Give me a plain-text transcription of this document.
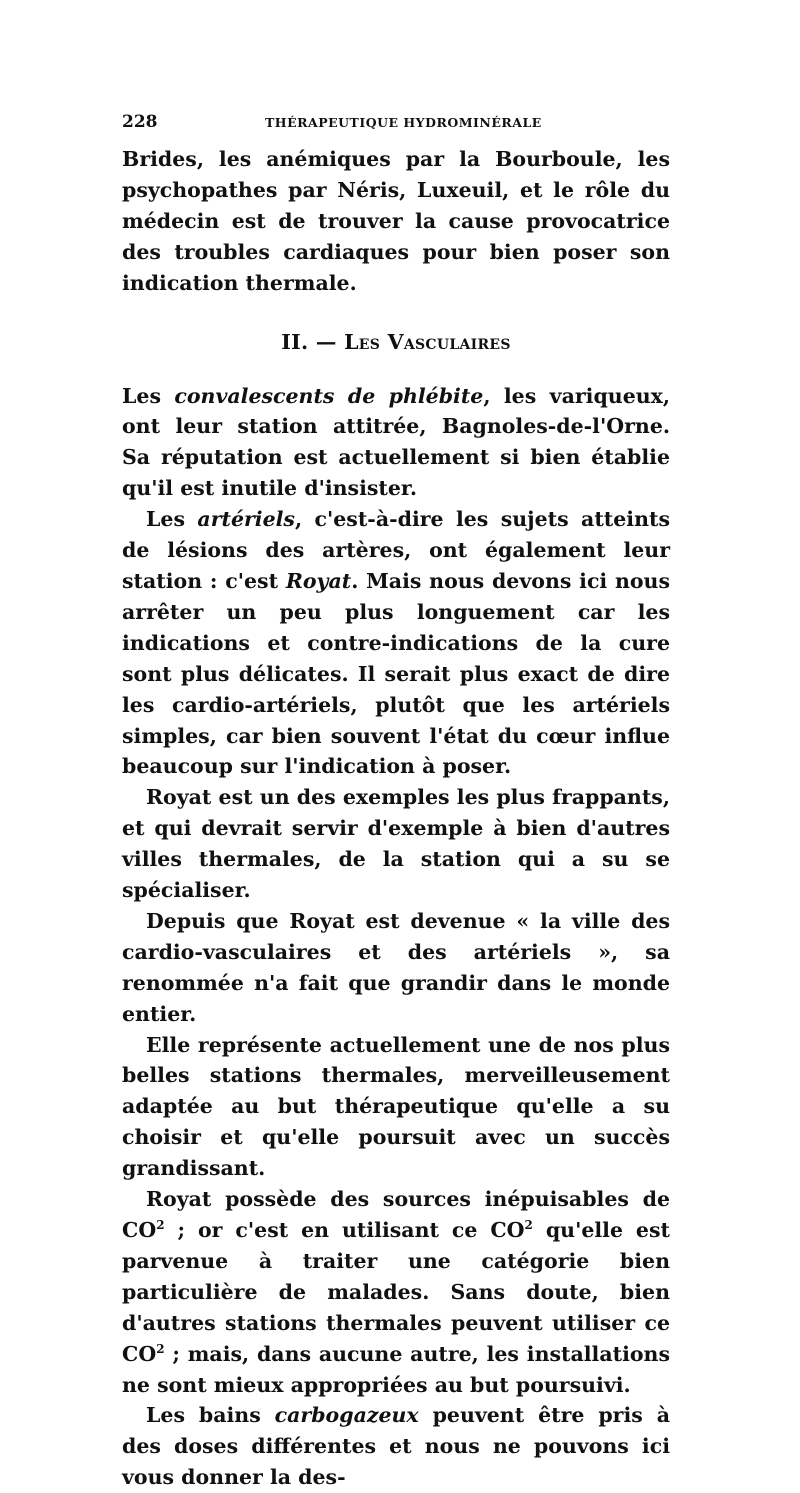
228	THÉRAPEUTIQUE HYDROMINÉRALE

Brides, les anémiques par la Bourboule, les psychopathes par Néris, Luxeuil, et le rôle du médecin est de trouver la cause provocatrice des troubles cardiaques pour bien poser son indication thermale.

II. — Les Vasculaires

Les convalescents de phlébite, les variqueux, ont leur station attitrée, Bagnoles-de-l'Orne. Sa réputation est actuellement si bien établie qu'il est inutile d'insister.

Les artériels, c'est-à-dire les sujets atteints de lésions des artères, ont également leur station : c'est Royat. Mais nous devons ici nous arrêter un peu plus longuement car les indications et contre-indications de la cure sont plus délicates. Il serait plus exact de dire les cardio-artériels, plutôt que les artériels simples, car bien souvent l'état du cœur influe beaucoup sur l'indication à poser.

Royat est un des exemples les plus frappants, et qui devrait servir d'exemple à bien d'autres villes thermales, de la station qui a su se spécialiser.

Depuis que Royat est devenue « la ville des cardio-vasculaires et des artériels », sa renommée n'a fait que grandir dans le monde entier.

Elle représente actuellement une de nos plus belles stations thermales, merveilleusement adaptée au but thérapeutique qu'elle a su choisir et qu'elle poursuit avec un succès grandissant.

Royat possède des sources inépuisables de $CO^2$ ; or c'est en utilisant ce $CO^2$ qu'elle est parvenue à traiter une catégorie bien particulière de malades. Sans doute, bien d'autres stations thermales peuvent utiliser ce $CO^2$ ; mais, dans aucune autre, les installations ne sont mieux appropriées au but poursuivi.

Les bains carbogazeux peuvent être pris à des doses différentes et nous ne pouvons ici vous donner la des-
